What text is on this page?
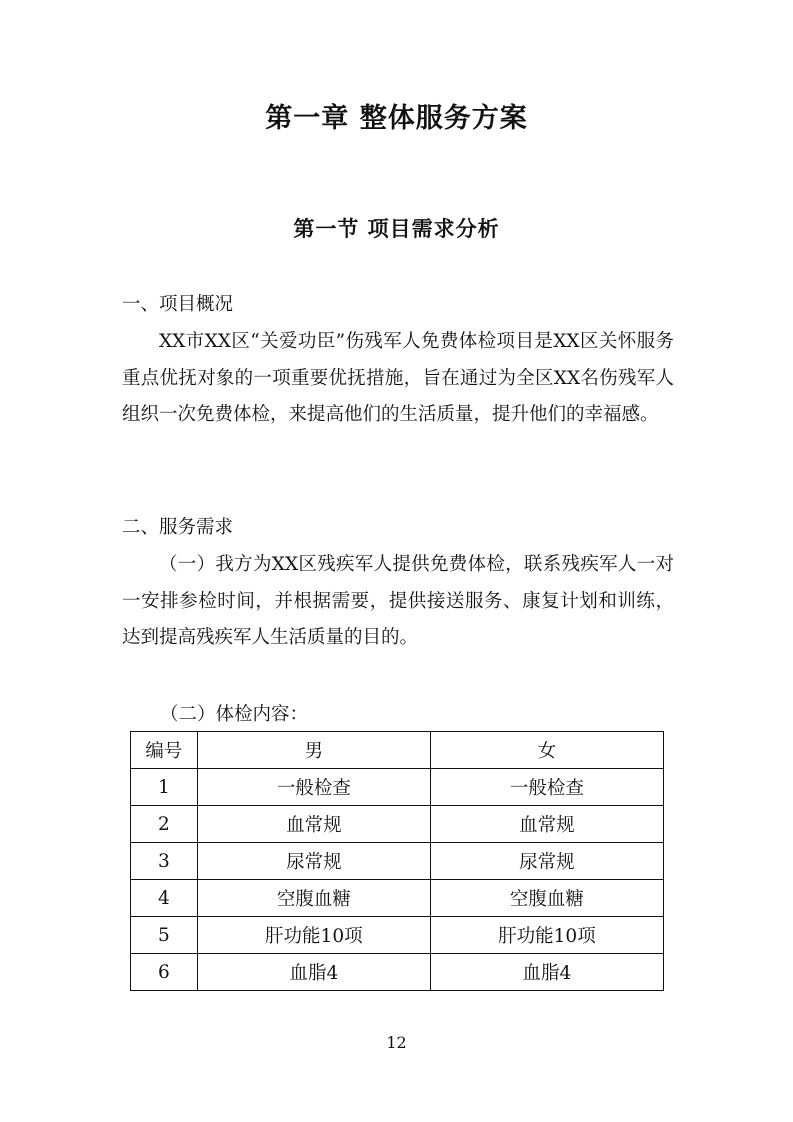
第一章 整体服务方案
第一节 项目需求分析
一、项目概况
XX市XX区“关爱功臣”伤残军人免费体检项目是XX区关怀服务重点优抚对象的一项重要优抚措施，旨在通过为全区XX名伤残军人组织一次免费体检，来提高他们的生活质量，提升他们的幸福感。
二、服务需求
（一）我方为XX区残疾军人提供免费体检，联系残疾军人一对一安排参检时间，并根据需要，提供接送服务、康复计划和训练，达到提高残疾军人生活质量的目的。
（二）体检内容：
编号	男	女
1	一般检查	一般检查
2	血常规	血常规
3	尿常规	尿常规
4	空腹血糖	空腹血糖
5	肝功能10项	肝功能10项
6	血脂4	血脂4
12
